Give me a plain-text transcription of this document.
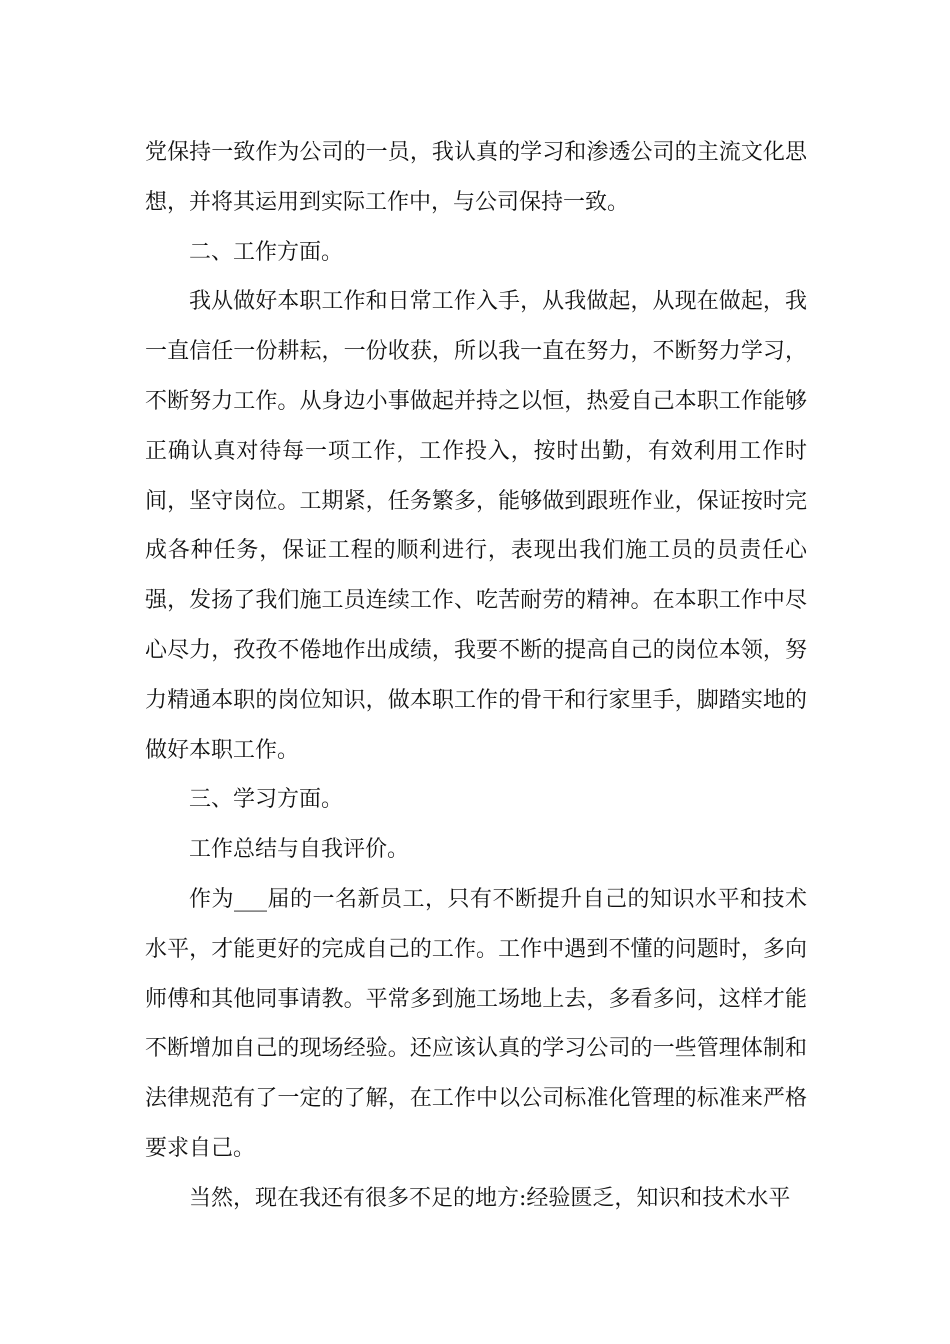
党保持一致作为公司的一员，我认真的学习和渗透公司的主流文化思想，并将其运用到实际工作中，与公司保持一致。

二、工作方面。

我从做好本职工作和日常工作入手，从我做起，从现在做起，我一直信任一份耕耘，一份收获，所以我一直在努力，不断努力学习，不断努力工作。从身边小事做起并持之以恒，热爱自己本职工作能够正确认真对待每一项工作，工作投入，按时出勤，有效利用工作时间，坚守岗位。工期紧，任务繁多，能够做到跟班作业，保证按时完成各种任务，保证工程的顺利进行，表现出我们施工员的员责任心强，发扬了我们施工员连续工作、吃苦耐劳的精神。在本职工作中尽心尽力，孜孜不倦地作出成绩，我要不断的提高自己的岗位本领，努力精通本职的岗位知识，做本职工作的骨干和行家里手，脚踏实地的做好本职工作。

三、学习方面。

工作总结与自我评价。

作为___届的一名新员工，只有不断提升自己的知识水平和技术水平，才能更好的完成自己的工作。工作中遇到不懂的问题时，多向师傅和其他同事请教。平常多到施工场地上去，多看多问，这样才能不断增加自己的现场经验。还应该认真的学习公司的一些管理体制和法律规范有了一定的了解，在工作中以公司标准化管理的标准来严格要求自己。

当然，现在我还有很多不足的地方:经验匮乏，知识和技术水平
